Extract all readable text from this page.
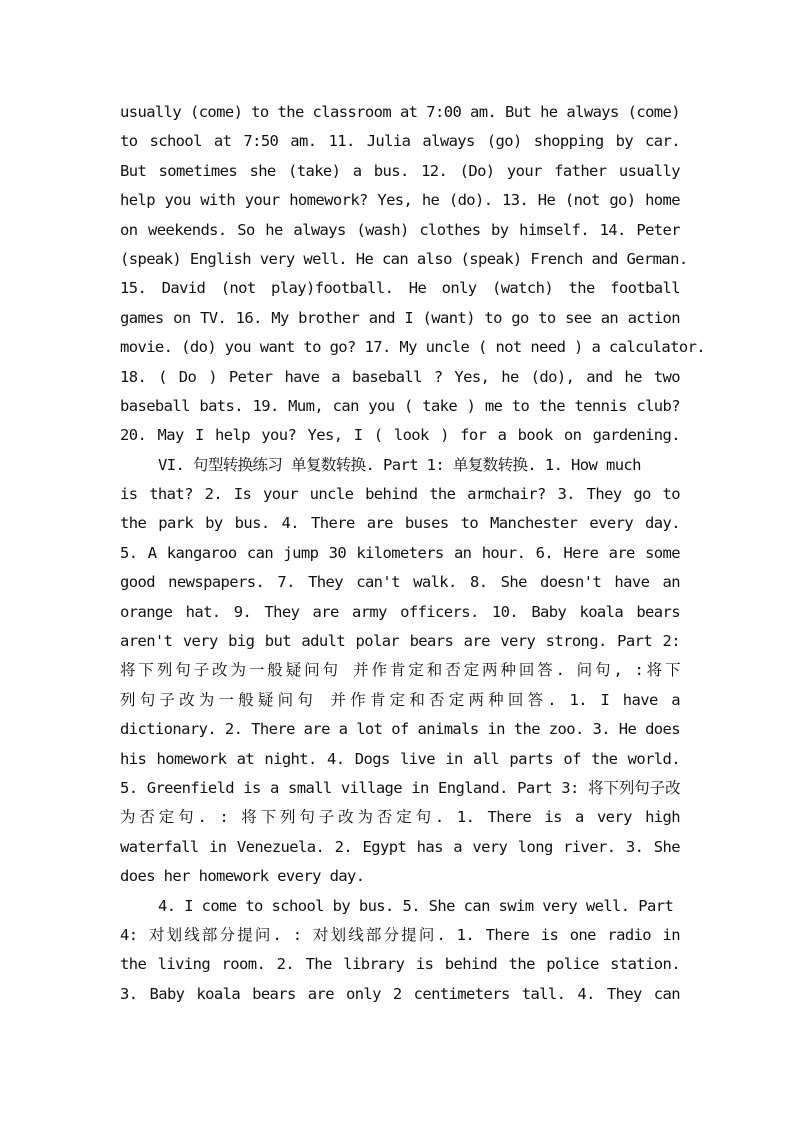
usually (come) to the classroom at 7:00 am. But he always (come)
to school at 7:50 am. 11. Julia always (go) shopping by car.
But sometimes she (take) a bus. 12. (Do) your father usually
help you with your homework? Yes, he (do). 13. He (not go) home
on weekends. So he always (wash) clothes by himself. 14. Peter
(speak) English very well. He can also (speak) French and German.
15. David (not play)football. He only (watch) the football
games on TV. 16. My brother and I (want) to go to see an action
movie. (do) you want to go? 17. My uncle ( not need ) a calculator.
18. ( Do ) Peter have a baseball ? Yes, he (do), and he two
baseball bats. 19. Mum, can you ( take ) me to the tennis club?
20. May I help you? Yes, I ( look ) for a book on gardening.
VI. 句型转换练习 单复数转换. Part 1: 单复数转换. 1. How much
is that? 2. Is your uncle behind the armchair? 3. They go to
the park by bus. 4. There are buses to Manchester every day.
5. A kangaroo can jump 30 kilometers an hour. 6. Here are some
good newspapers. 7. They can't walk. 8. She doesn't have an
orange hat. 9. They are army officers. 10. Baby koala bears
aren't very big but adult polar bears are very strong. Part 2:
将下列句子改为一般疑问句 并作肯定和否定两种回答. 问句, :将下
列句子改为一般疑问句 并作肯定和否定两种回答. 1. I have a
dictionary. 2. There are a lot of animals in the zoo. 3. He does
his homework at night. 4. Dogs live in all parts of the world.
5. Greenfield is a small village in England. Part 3: 将下列句子改
为否定句. : 将下列句子改为否定句. 1. There is a very high
waterfall in Venezuela. 2. Egypt has a very long river. 3. She
does her homework every day.
4. I come to school by bus. 5. She can swim very well. Part
4: 对划线部分提问. : 对划线部分提问. 1. There is one radio in
the living room. 2. The library is behind the police station.
3. Baby koala bears are only 2 centimeters tall. 4. They can
